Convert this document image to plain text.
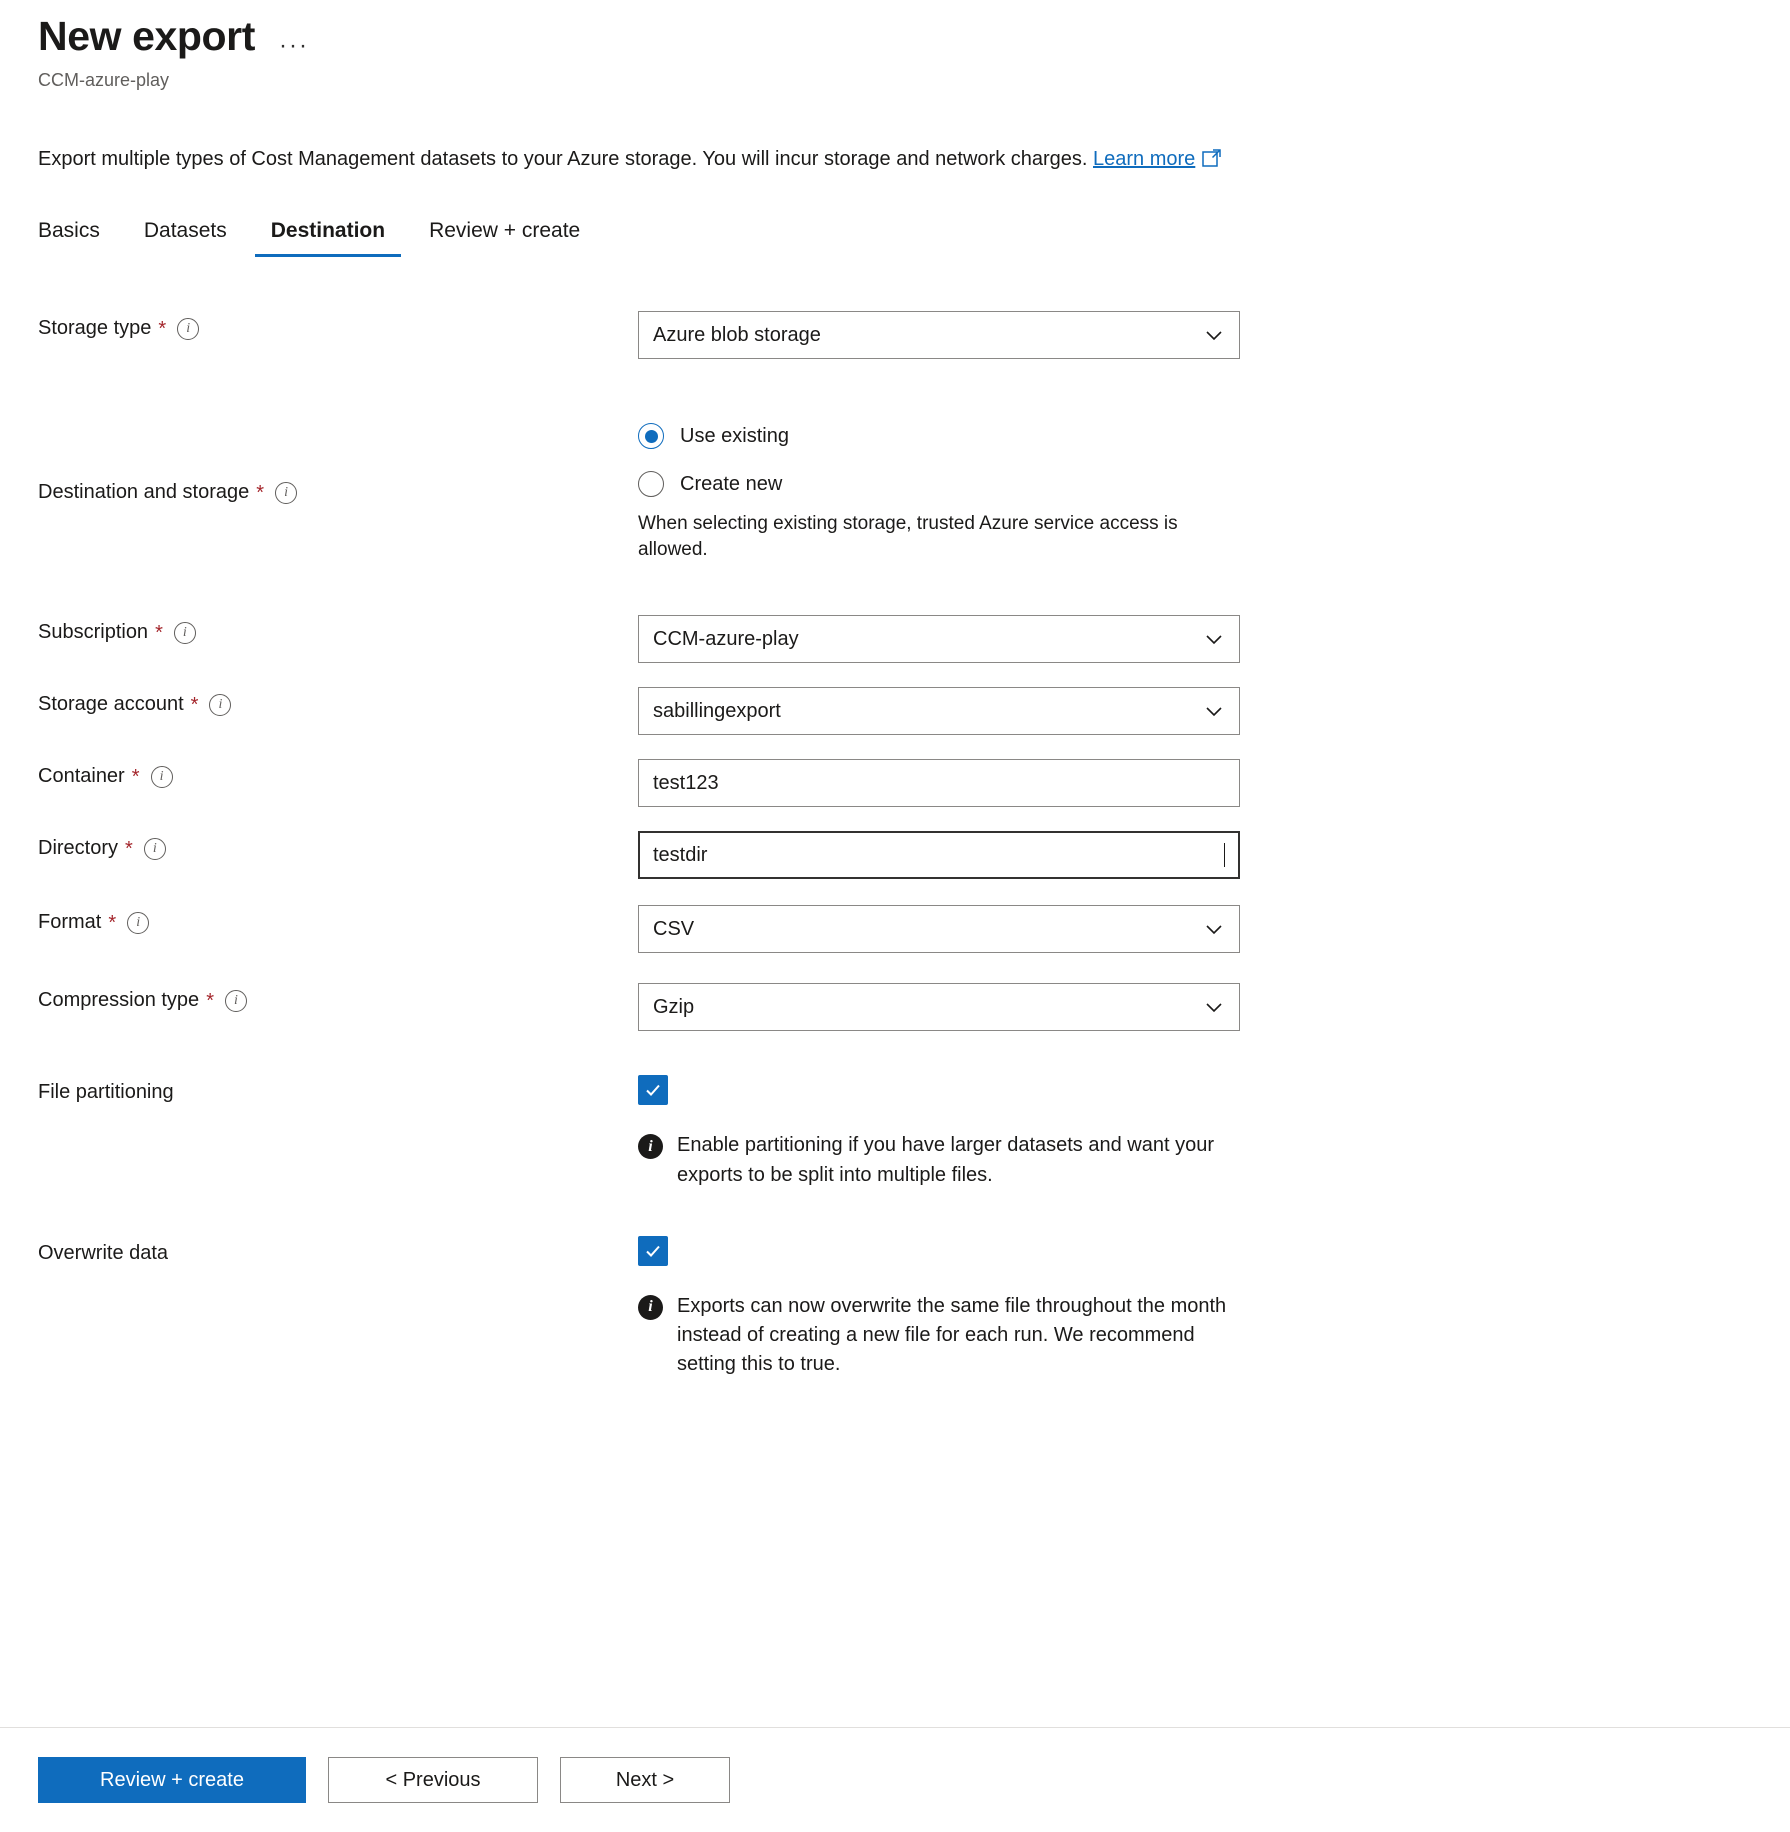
New export ···
CCM-azure-play
Export multiple types of Cost Management datasets to your Azure storage. You will incur storage and network charges. Learn more
Basics	Datasets	Destination	Review + create
Storage type *	i	Azure blob storage
Destination and storage *	i
Use existing
Create new
When selecting existing storage, trusted Azure service access is allowed.
Subscription *	i	CCM-azure-play
Storage account *	i	sabillingexport
Container *	i	test123
Directory *	i	testdir
Format *	i	CSV
Compression type *	i	Gzip
File partitioning
i	Enable partitioning if you have larger datasets and want your exports to be split into multiple files.
Overwrite data
i	Exports can now overwrite the same file throughout the month instead of creating a new file for each run. We recommend setting this to true.
Review + create	< Previous	Next >
